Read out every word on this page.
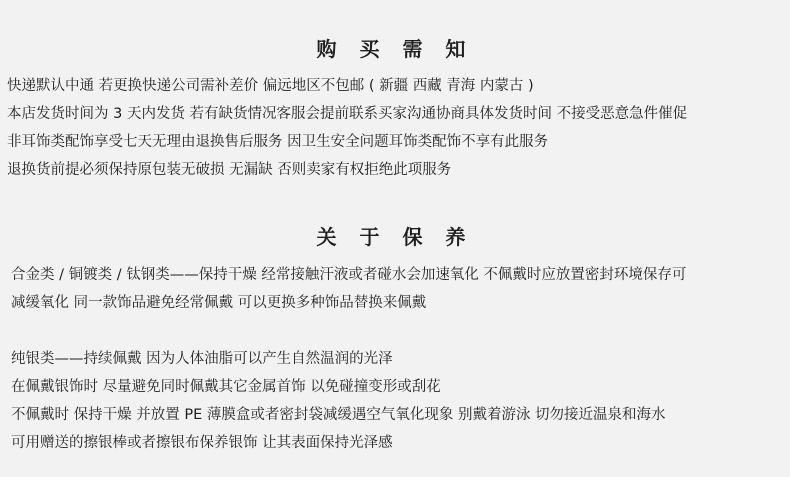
购 买 需 知
快递默认中通 若更换快递公司需补差价 偏远地区不包邮 ( 新疆 西藏 青海 内蒙古 )
本店发货时间为 3 天内发货 若有缺货情况客服会提前联系买家沟通协商具体发货时间 不接受恶意急件催促
非耳饰类配饰享受七天无理由退换售后服务 因卫生安全问题耳饰类配饰不享有此服务
退换货前提必须保持原包装无破损 无漏缺 否则卖家有权拒绝此项服务
关 于 保 养
合金类 / 铜镀类 / 钛钢类——保持干燥 经常接触汗液或者碰水会加速氧化 不佩戴时应放置密封环境保存可
减缓氧化 同一款饰品避免经常佩戴 可以更换多种饰品替换来佩戴
纯银类——持续佩戴 因为人体油脂可以产生自然温润的光泽
在佩戴银饰时 尽量避免同时佩戴其它金属首饰 以免碰撞变形或刮花
不佩戴时 保持干燥 并放置 PE 薄膜盒或者密封袋减缓遇空气氧化现象 别戴着游泳 切勿接近温泉和海水
可用赠送的擦银棒或者擦银布保养银饰 让其表面保持光泽感
